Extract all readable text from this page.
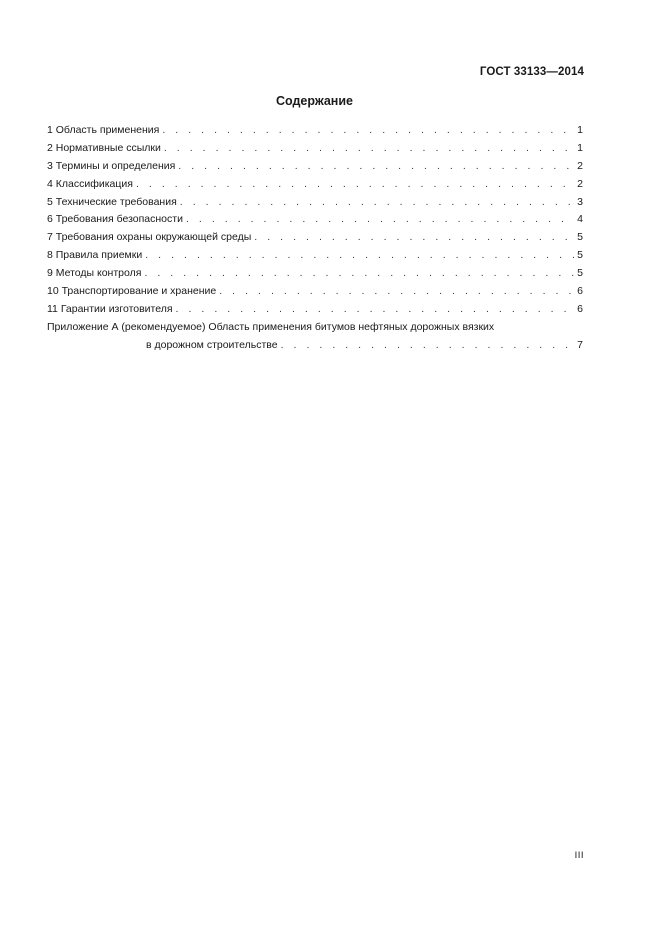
ГОСТ 33133—2014
Содержание
1 Область применения . . .	1
2 Нормативные ссылки . . .	1
3 Термины и определения . . .	2
4 Классификация . . .	2
5 Технические требования . . .	3
6 Требования безопасности . . .	4
7 Требования охраны окружающей среды . . .	5
8 Правила приемки . . .	5
9 Методы контроля . . .	5
10 Транспортирование и хранение . . .	6
11 Гарантии изготовителя . . .	6
Приложение А (рекомендуемое) Область применения битумов нефтяных дорожных вязких
в дорожном строительстве . . .	7
III
